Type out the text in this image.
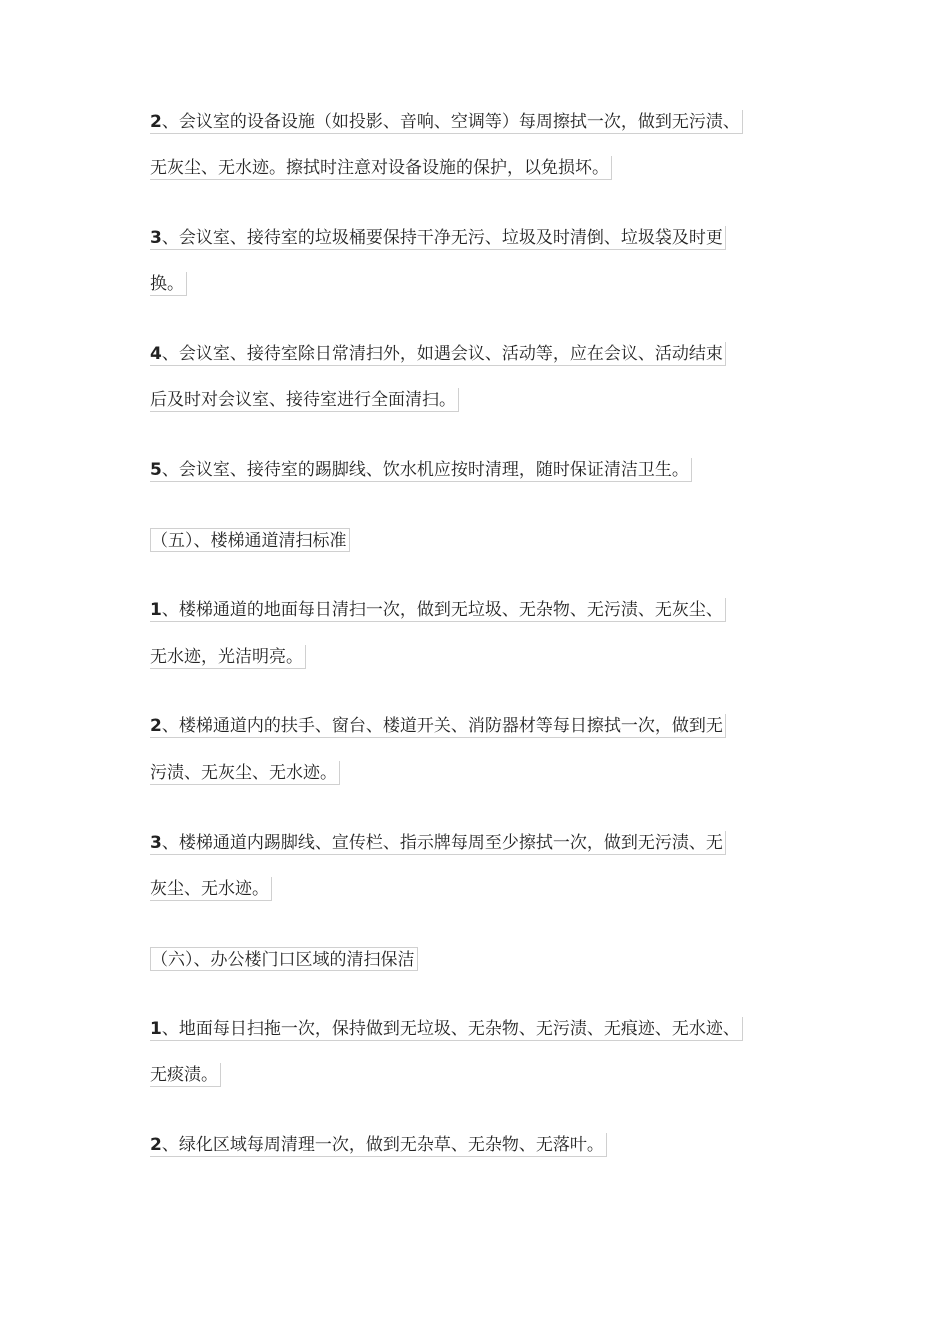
2、会议室的设备设施（如投影、音响、空调等）每周擦拭一次，做到无污渍、
无灰尘、无水迹。擦拭时注意对设备设施的保护，以免损坏。
3、会议室、接待室的垃圾桶要保持干净无污、垃圾及时清倒、垃圾袋及时更
换。
4、会议室、接待室除日常清扫外，如遇会议、活动等，应在会议、活动结束
后及时对会议室、接待室进行全面清扫。
5、会议室、接待室的踢脚线、饮水机应按时清理，随时保证清洁卫生。
（五）、楼梯通道清扫标准
1、楼梯通道的地面每日清扫一次，做到无垃圾、无杂物、无污渍、无灰尘、
无水迹，光洁明亮。
2、楼梯通道内的扶手、窗台、楼道开关、消防器材等每日擦拭一次，做到无
污渍、无灰尘、无水迹。
3、楼梯通道内踢脚线、宣传栏、指示牌每周至少擦拭一次，做到无污渍、无
灰尘、无水迹。
（六）、办公楼门口区域的清扫保洁
1、地面每日扫拖一次，保持做到无垃圾、无杂物、无污渍、无痕迹、无水迹、
无痰渍。
2、绿化区域每周清理一次，做到无杂草、无杂物、无落叶。
